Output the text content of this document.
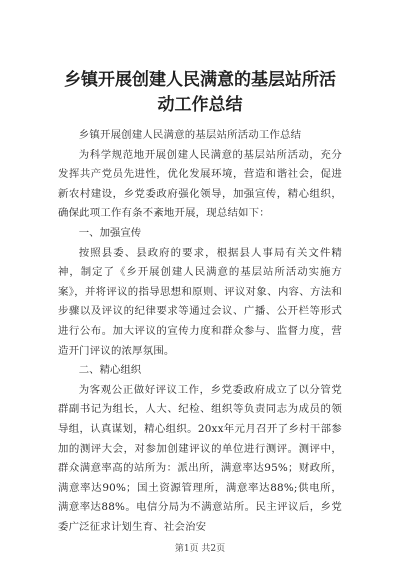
乡镇开展创建人民满意的基层站所活动工作总结

乡镇开展创建人民满意的基层站所活动工作总结

为科学规范地开展创建人民满意的基层站所活动，充分发挥共产党员先进性，优化发展环境，营造和谐社会，促进新农村建设，乡党委政府强化领导，加强宣传，精心组织，确保此项工作有条不紊地开展，现总结如下：

一、加强宣传

按照县委、县政府的要求，根据县人事局有关文件精神，制定了《乡开展创建人民满意的基层站所活动实施方案》，并将评议的指导思想和原则、评议对象、内容、方法和步骤以及评议的纪律要求等通过会议、广播、公开栏等形式进行公布。加大评议的宣传力度和群众参与、监督力度，营造开门评议的浓厚氛围。

二、精心组织

为客观公正做好评议工作，乡党委政府成立了以分管党群副书记为组长，人大、纪检、组织等负责同志为成员的领导组，认真谋划，精心组织。20xx年元月召开了乡村干部参加的测评大会，对参加创建评议的单位进行测评。测评中，群众满意率高的站所为：派出所，满意率达95%；财政所，满意率达90%；国土资源管理所，满意率达88%;供电所，满意率达88%。电信分局为不满意站所。民主评议后，乡党委广泛征求计划生育、社会治安

第1页 共2页
